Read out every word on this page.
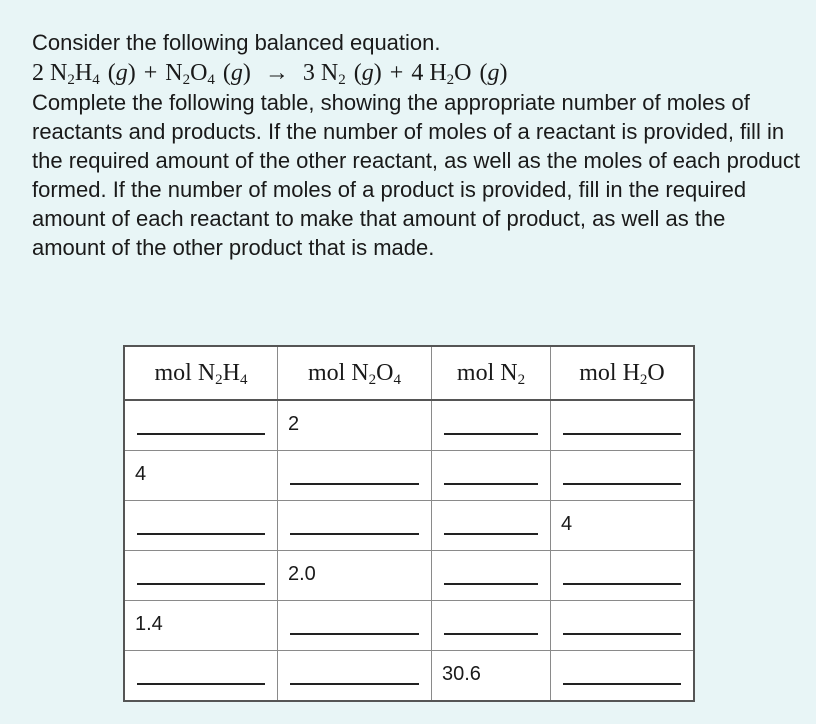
Consider the following balanced equation.
2 $N_2H_4$ $(g) + N_2O_4$ (g) → 3 $N_2$ (g) + 4 $H_2O$ (g)
Complete the following table, showing the appropriate number of moles of reactants and products. If the number of moles of a reactant is provided, fill in the required amount of the other reactant, as well as the moles of each product formed. If the number of moles of a product is provided, fill in the required amount of each reactant to make that amount of product, as well as the amount of the other product that is made.
mol $N_2H_4$	mol $N_2O_4$	mol $N_2$	mol $H_2O$

	2		

4			

			4

	2.0		

1.4			

		30.6	
